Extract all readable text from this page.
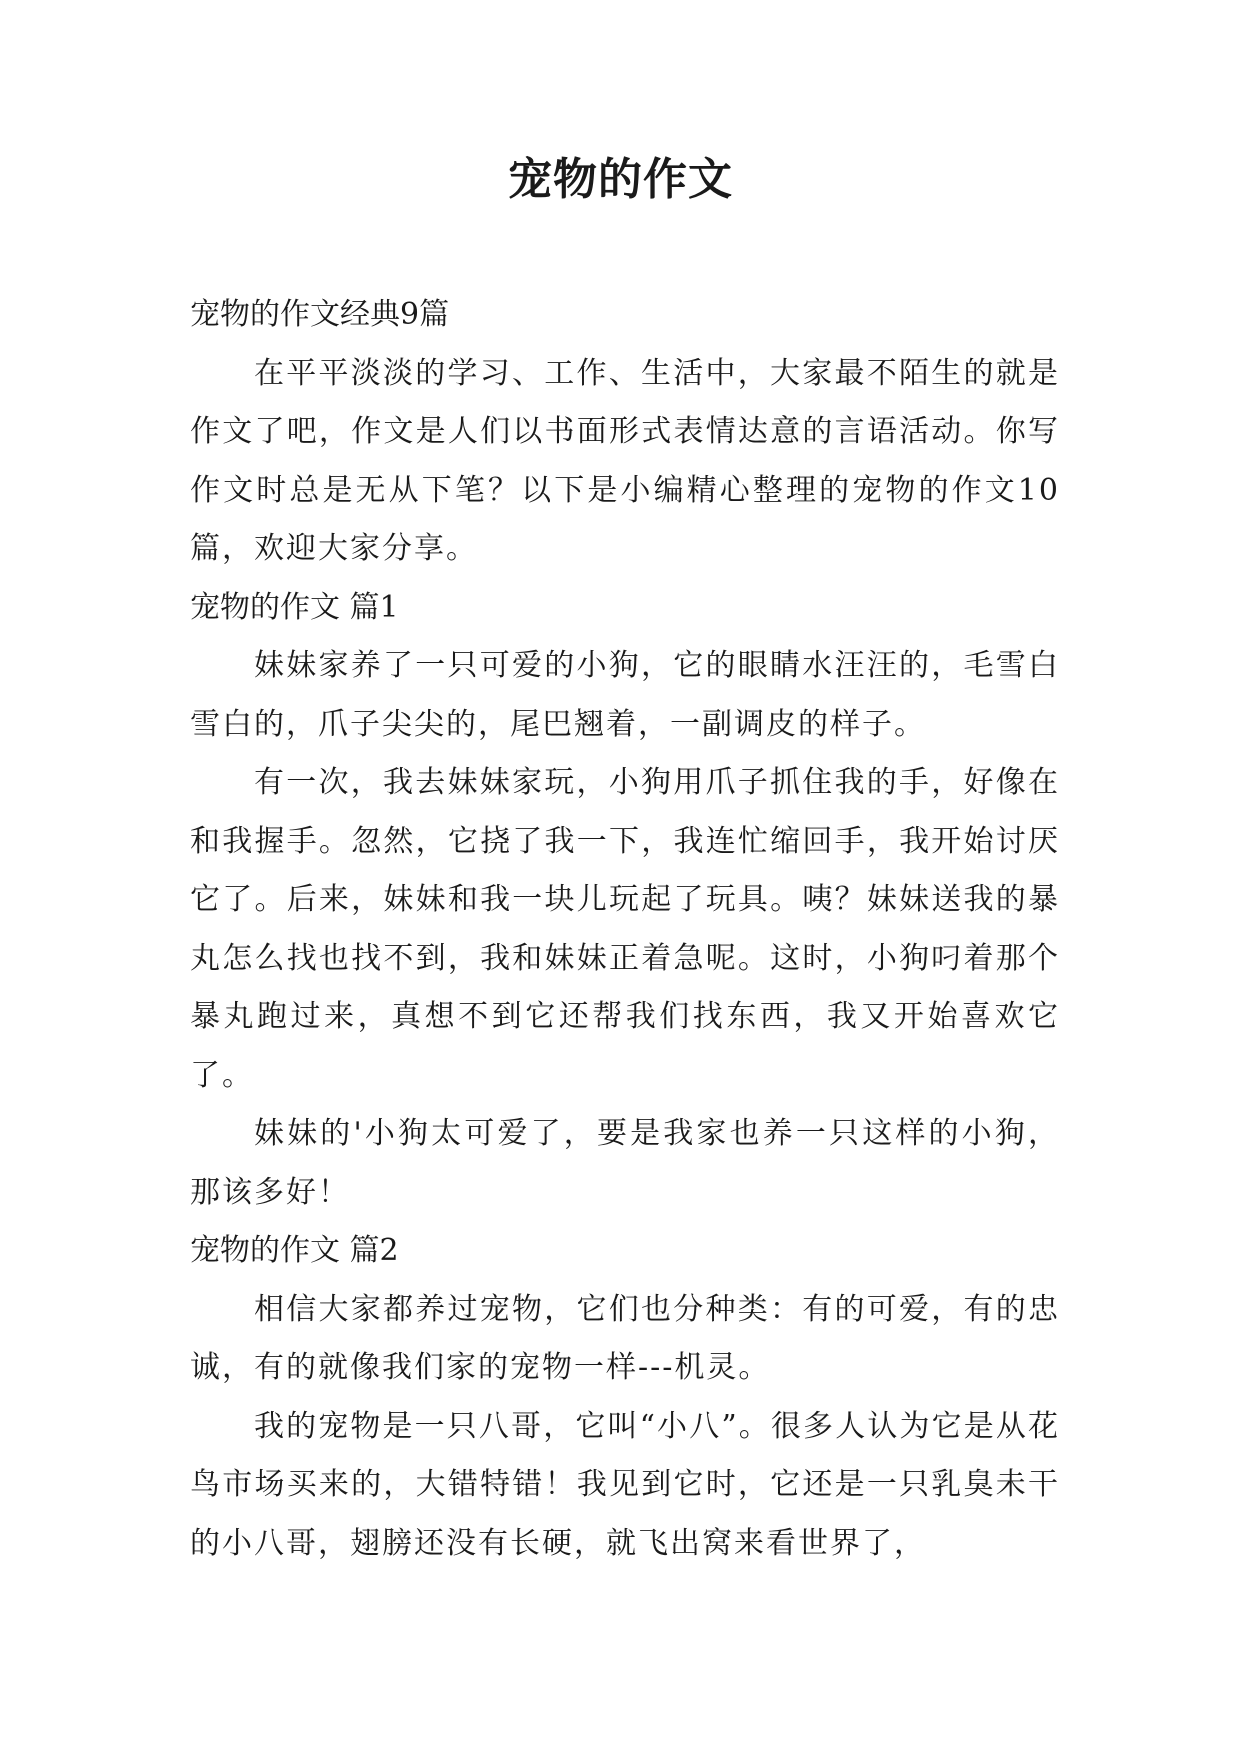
宠物的作文

宠物的作文经典9篇

在平平淡淡的学习、工作、生活中，大家最不陌生的就是作文了吧，作文是人们以书面形式表情达意的言语活动。你写作文时总是无从下笔？以下是小编精心整理的宠物的作文10篇，欢迎大家分享。

宠物的作文 篇1

妹妹家养了一只可爱的小狗，它的眼睛水汪汪的，毛雪白雪白的，爪子尖尖的，尾巴翘着，一副调皮的样子。

有一次，我去妹妹家玩，小狗用爪子抓住我的手，好像在和我握手。忽然，它挠了我一下，我连忙缩回手，我开始讨厌它了。后来，妹妹和我一块儿玩起了玩具。咦？妹妹送我的暴丸怎么找也找不到，我和妹妹正着急呢。这时，小狗叼着那个暴丸跑过来，真想不到它还帮我们找东西，我又开始喜欢它了。

妹妹的'小狗太可爱了，要是我家也养一只这样的小狗，那该多好！

宠物的作文 篇2

相信大家都养过宠物，它们也分种类：有的可爱，有的忠诚，有的就像我们家的宠物一样---机灵。

我的宠物是一只八哥，它叫“小八”。很多人认为它是从花鸟市场买来的，大错特错！我见到它时，它还是一只乳臭未干的小八哥，翅膀还没有长硬，就飞出窝来看世界了，
